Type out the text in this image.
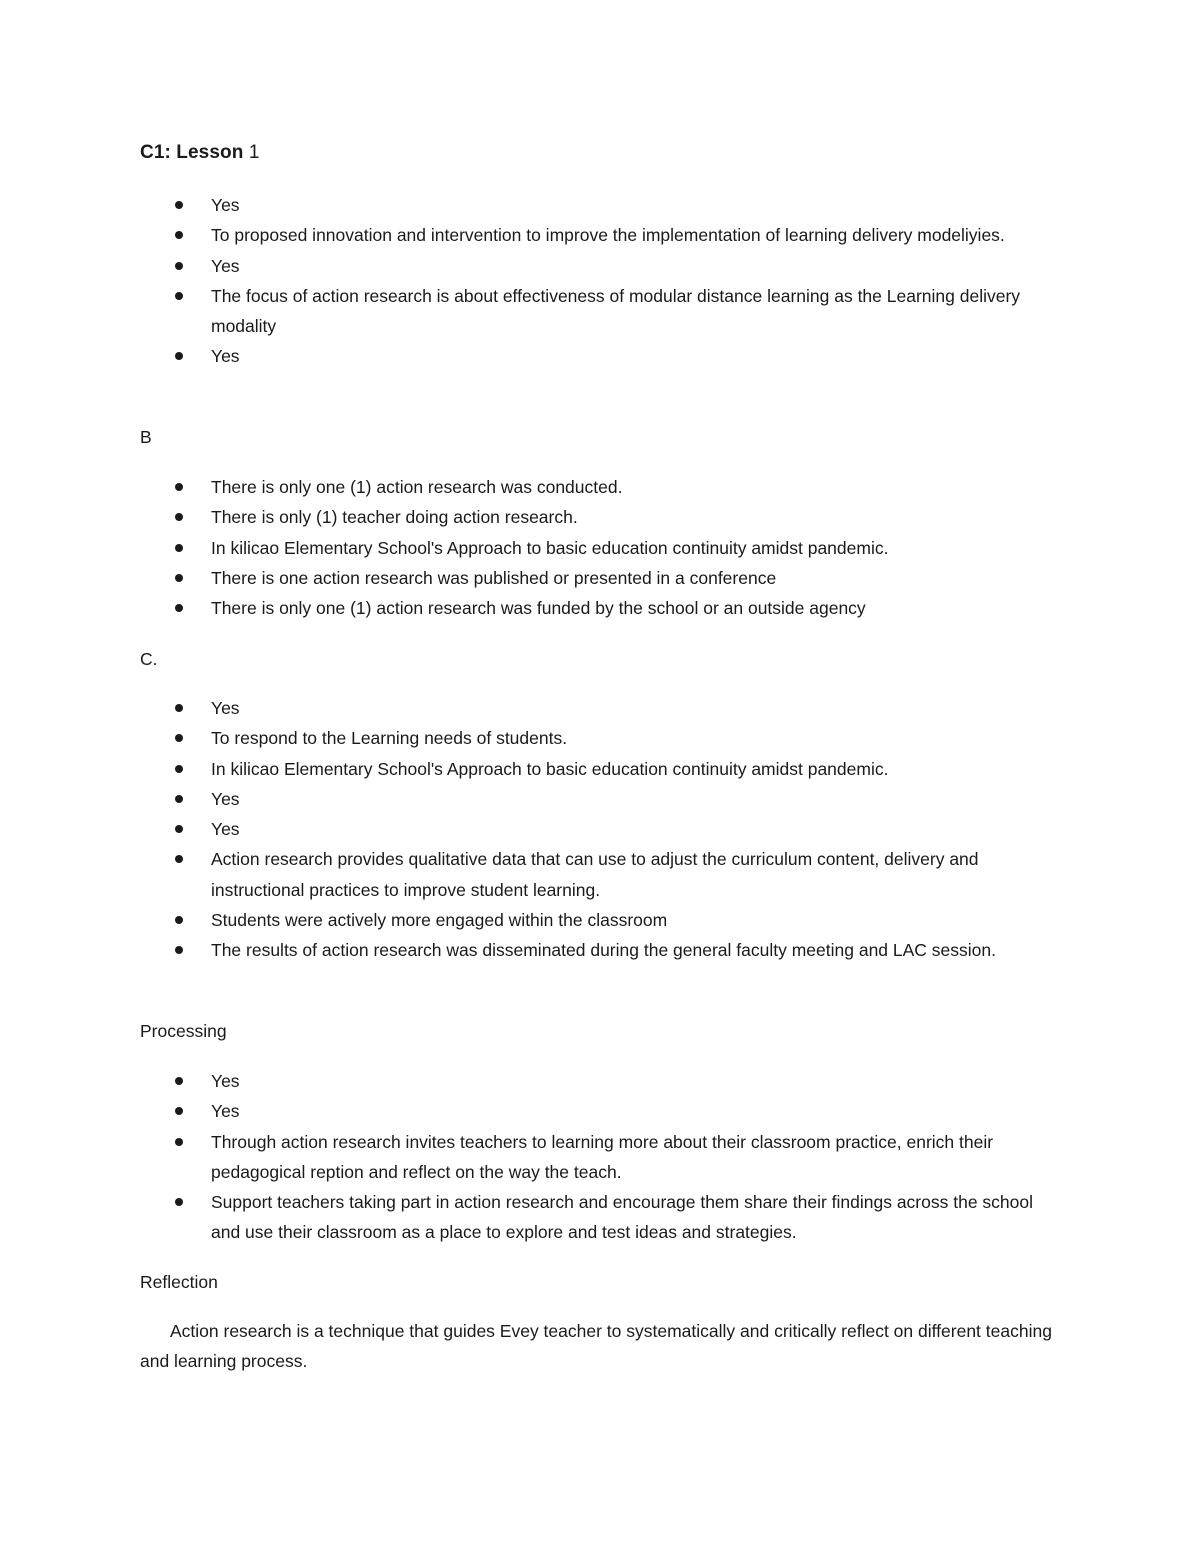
C1: Lesson 1
Yes
To proposed innovation and intervention to improve the implementation of learning delivery modeliyies.
Yes
The focus of action research is about effectiveness of modular distance learning as the Learning delivery modality
Yes
B
There is only one (1) action research was conducted.
There is only (1) teacher doing action research.
In kilicao Elementary School's Approach to basic education continuity amidst pandemic.
There is one action research was published or presented in a conference
There is only one (1) action research was funded by the school or an outside agency
C.
Yes
To respond to the Learning needs of students.
In kilicao Elementary School's Approach to basic education continuity amidst pandemic.
Yes
Yes
Action research provides qualitative data that can use to adjust the curriculum content, delivery and instructional practices to improve student learning.
Students were actively more engaged within the classroom
The results of action research was disseminated during the general faculty meeting and LAC session.
Processing
Yes
Yes
Through action research invites teachers to learning more about their classroom practice, enrich their pedagogical reption and reflect on the way the teach.
Support teachers taking part in action research and encourage them share their findings across the school and use their classroom as a place to explore and test ideas and strategies.
Reflection
Action research is a technique that guides Evey teacher to systematically and critically reflect on different teaching and learning process.
